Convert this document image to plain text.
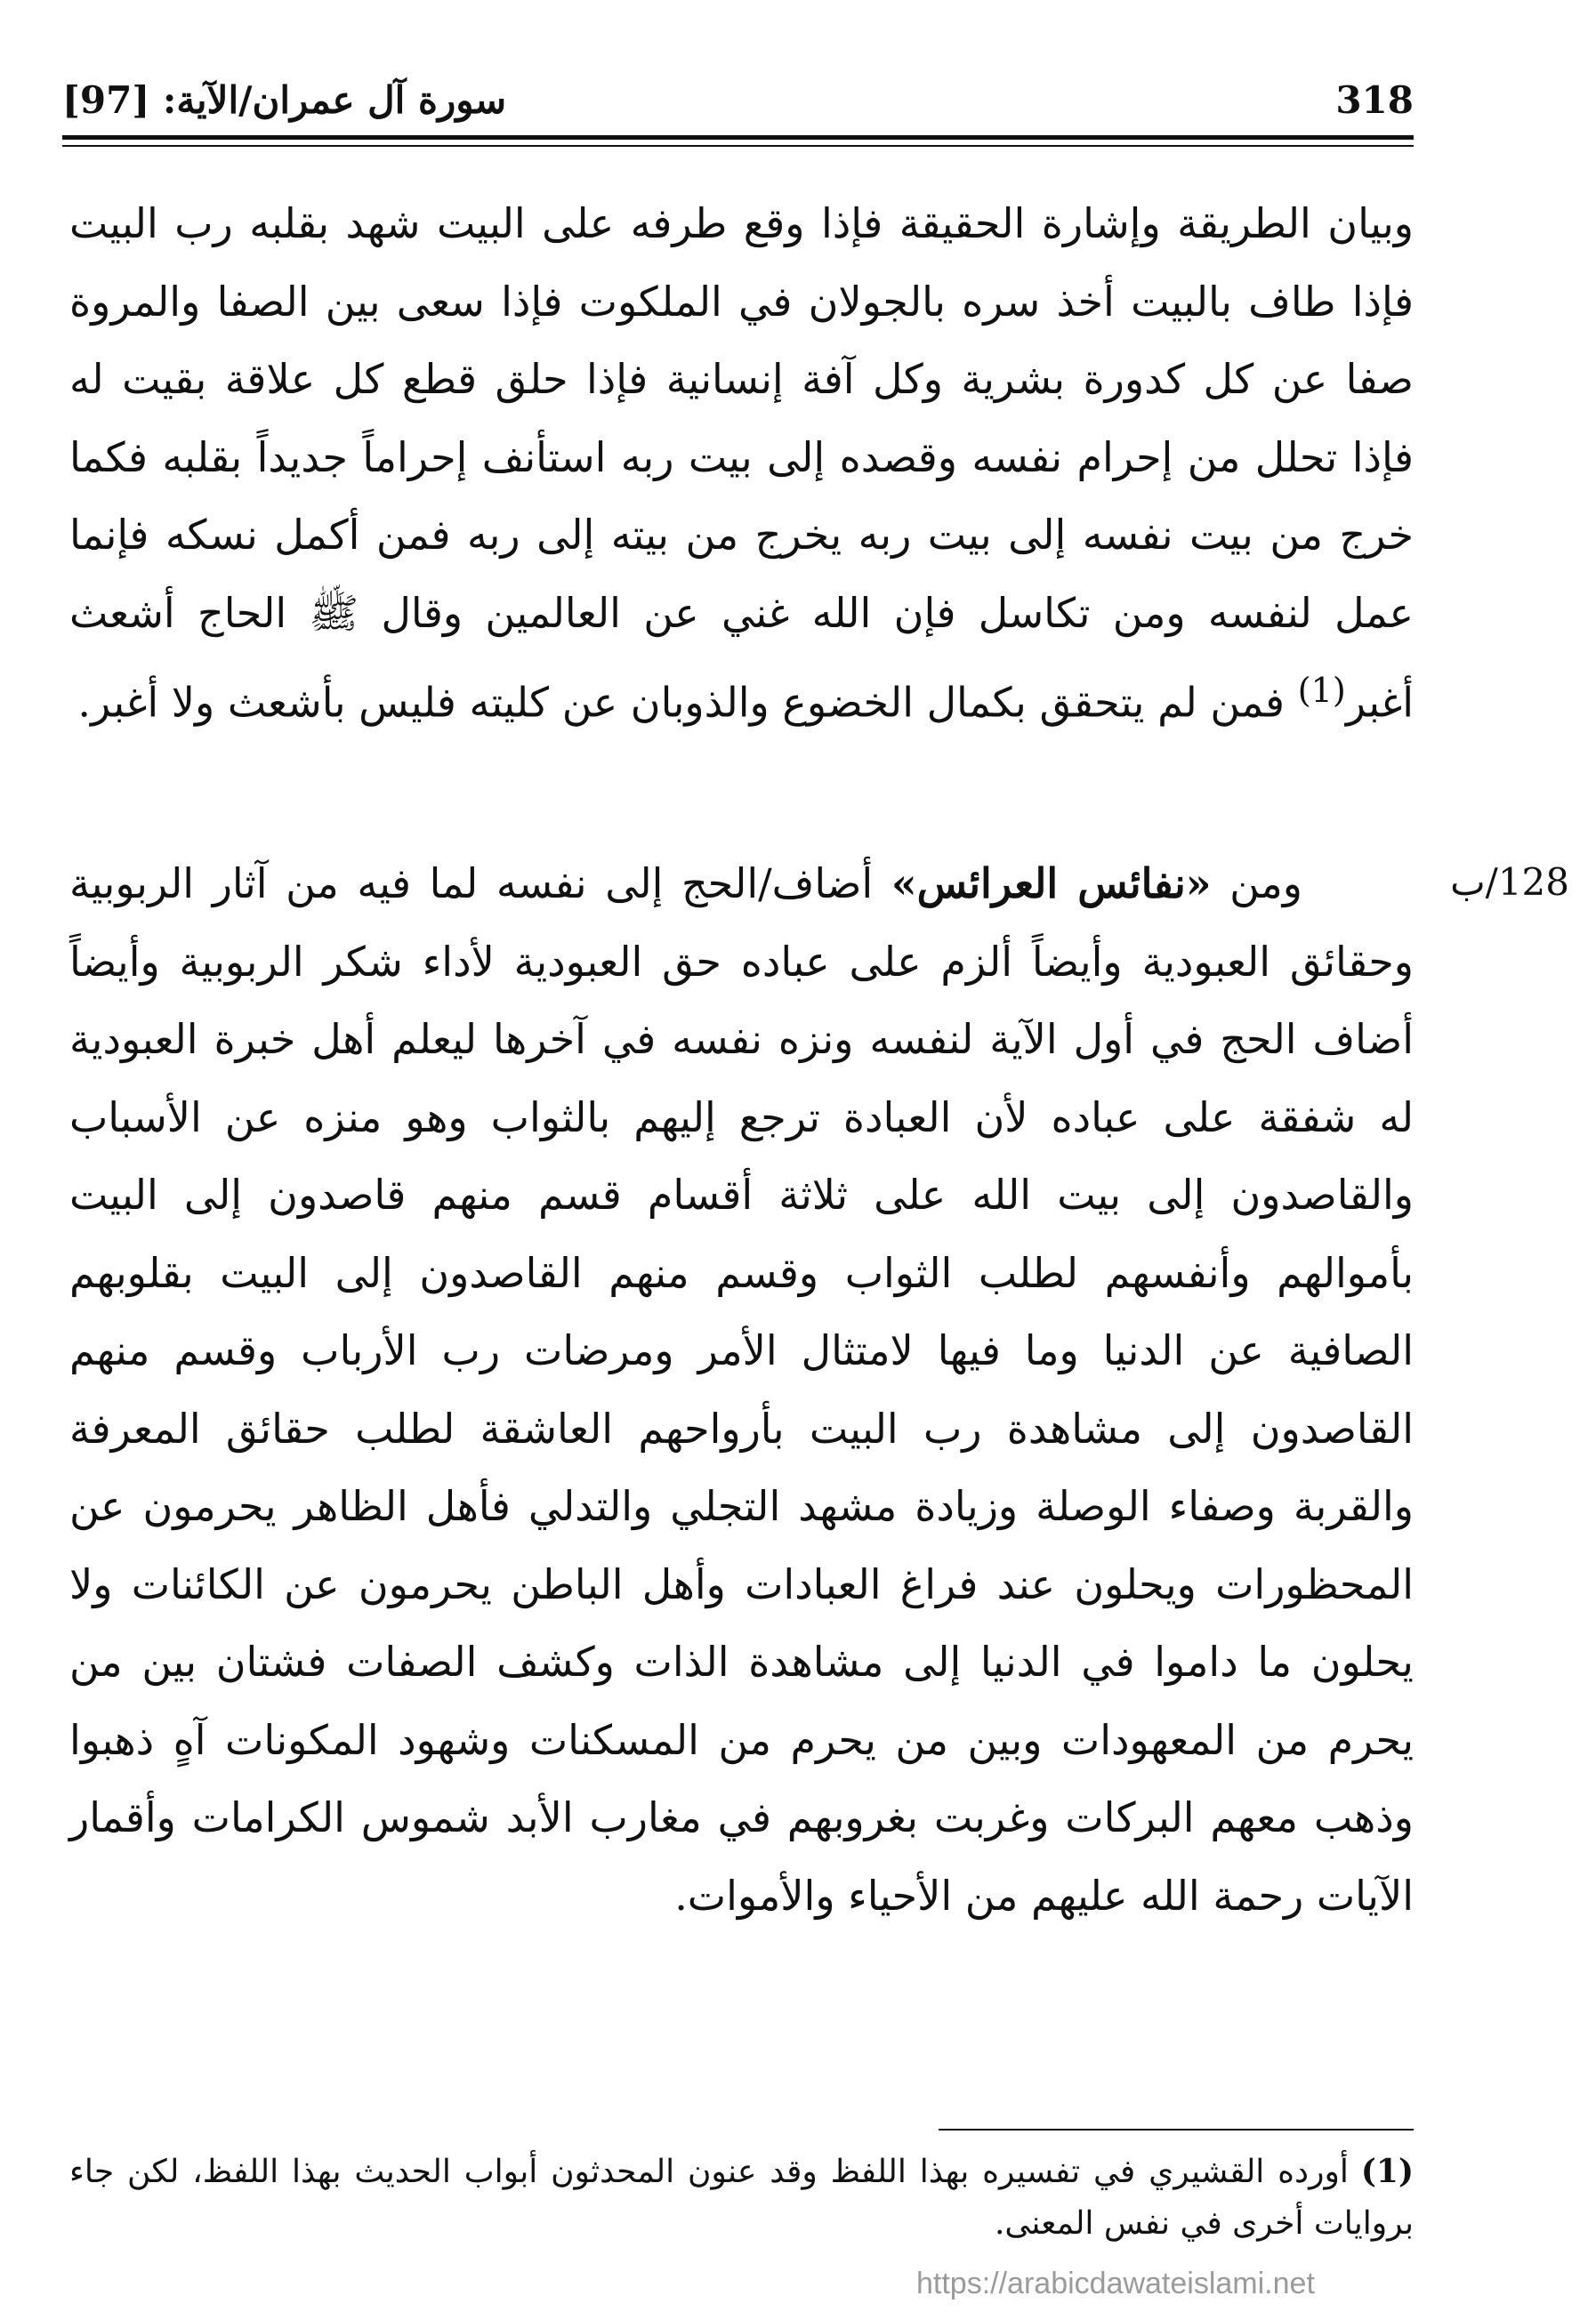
318
سورة آل عمران/الآية: [97]
وبيان الطريقة وإشارة الحقيقة فإذا وقع طرفه على البيت شهد بقلبه رب البيت فإذا طاف بالبيت أخذ سره بالجولان في الملكوت فإذا سعى بين الصفا والمروة صفا عن كل كدورة بشرية وكل آفة إنسانية فإذا حلق قطع كل علاقة بقيت له فإذا تحلل من إحرام نفسه وقصده إلى بيت ربه استأنف إحراماً جديداً بقلبه فكما خرج من بيت نفسه إلى بيت ربه يخرج من بيته إلى ربه فمن أكمل نسكه فإنما عمل لنفسه ومن تكاسل فإن الله غني عن العالمين وقال ﷺ الحاج أشعث أغبر$^{(1)}$ فمن لم يتحقق بكمال الخضوع والذوبان عن كليته فليس بأشعث ولا أغبر.
128/ب
ومن «نفائس العرائس» أضاف/الحج إلى نفسه لما فيه من آثار الربوبية وحقائق العبودية وأيضاً ألزم على عباده حق العبودية لأداء شكر الربوبية وأيضاً أضاف الحج في أول الآية لنفسه ونزه نفسه في آخرها ليعلم أهل خبرة العبودية له شفقة على عباده لأن العبادة ترجع إليهم بالثواب وهو منزه عن الأسباب والقاصدون إلى بيت الله على ثلاثة أقسام قسم منهم قاصدون إلى البيت بأموالهم وأنفسهم لطلب الثواب وقسم منهم القاصدون إلى البيت بقلوبهم الصافية عن الدنيا وما فيها لامتثال الأمر ومرضات رب الأرباب وقسم منهم القاصدون إلى مشاهدة رب البيت بأرواحهم العاشقة لطلب حقائق المعرفة والقربة وصفاء الوصلة وزيادة مشهد التجلي والتدلي فأهل الظاهر يحرمون عن المحظورات ويحلون عند فراغ العبادات وأهل الباطن يحرمون عن الكائنات ولا يحلون ما داموا في الدنيا إلى مشاهدة الذات وكشف الصفات فشتان بين من يحرم من المعهودات وبين من يحرم من المسكنات وشهود المكونات آهٍ ذهبوا وذهب معهم البركات وغربت بغروبهم في مغارب الأبد شموس الكرامات وأقمار الآيات رحمة الله عليهم من الأحياء والأموات.
(1)أورده القشيري في تفسيره بهذا اللفظ وقد عنون المحدثون أبواب الحديث بهذا اللفظ، لكن جاء بروايات أخرى في نفس المعنى.
https://arabicdawateislami.net
